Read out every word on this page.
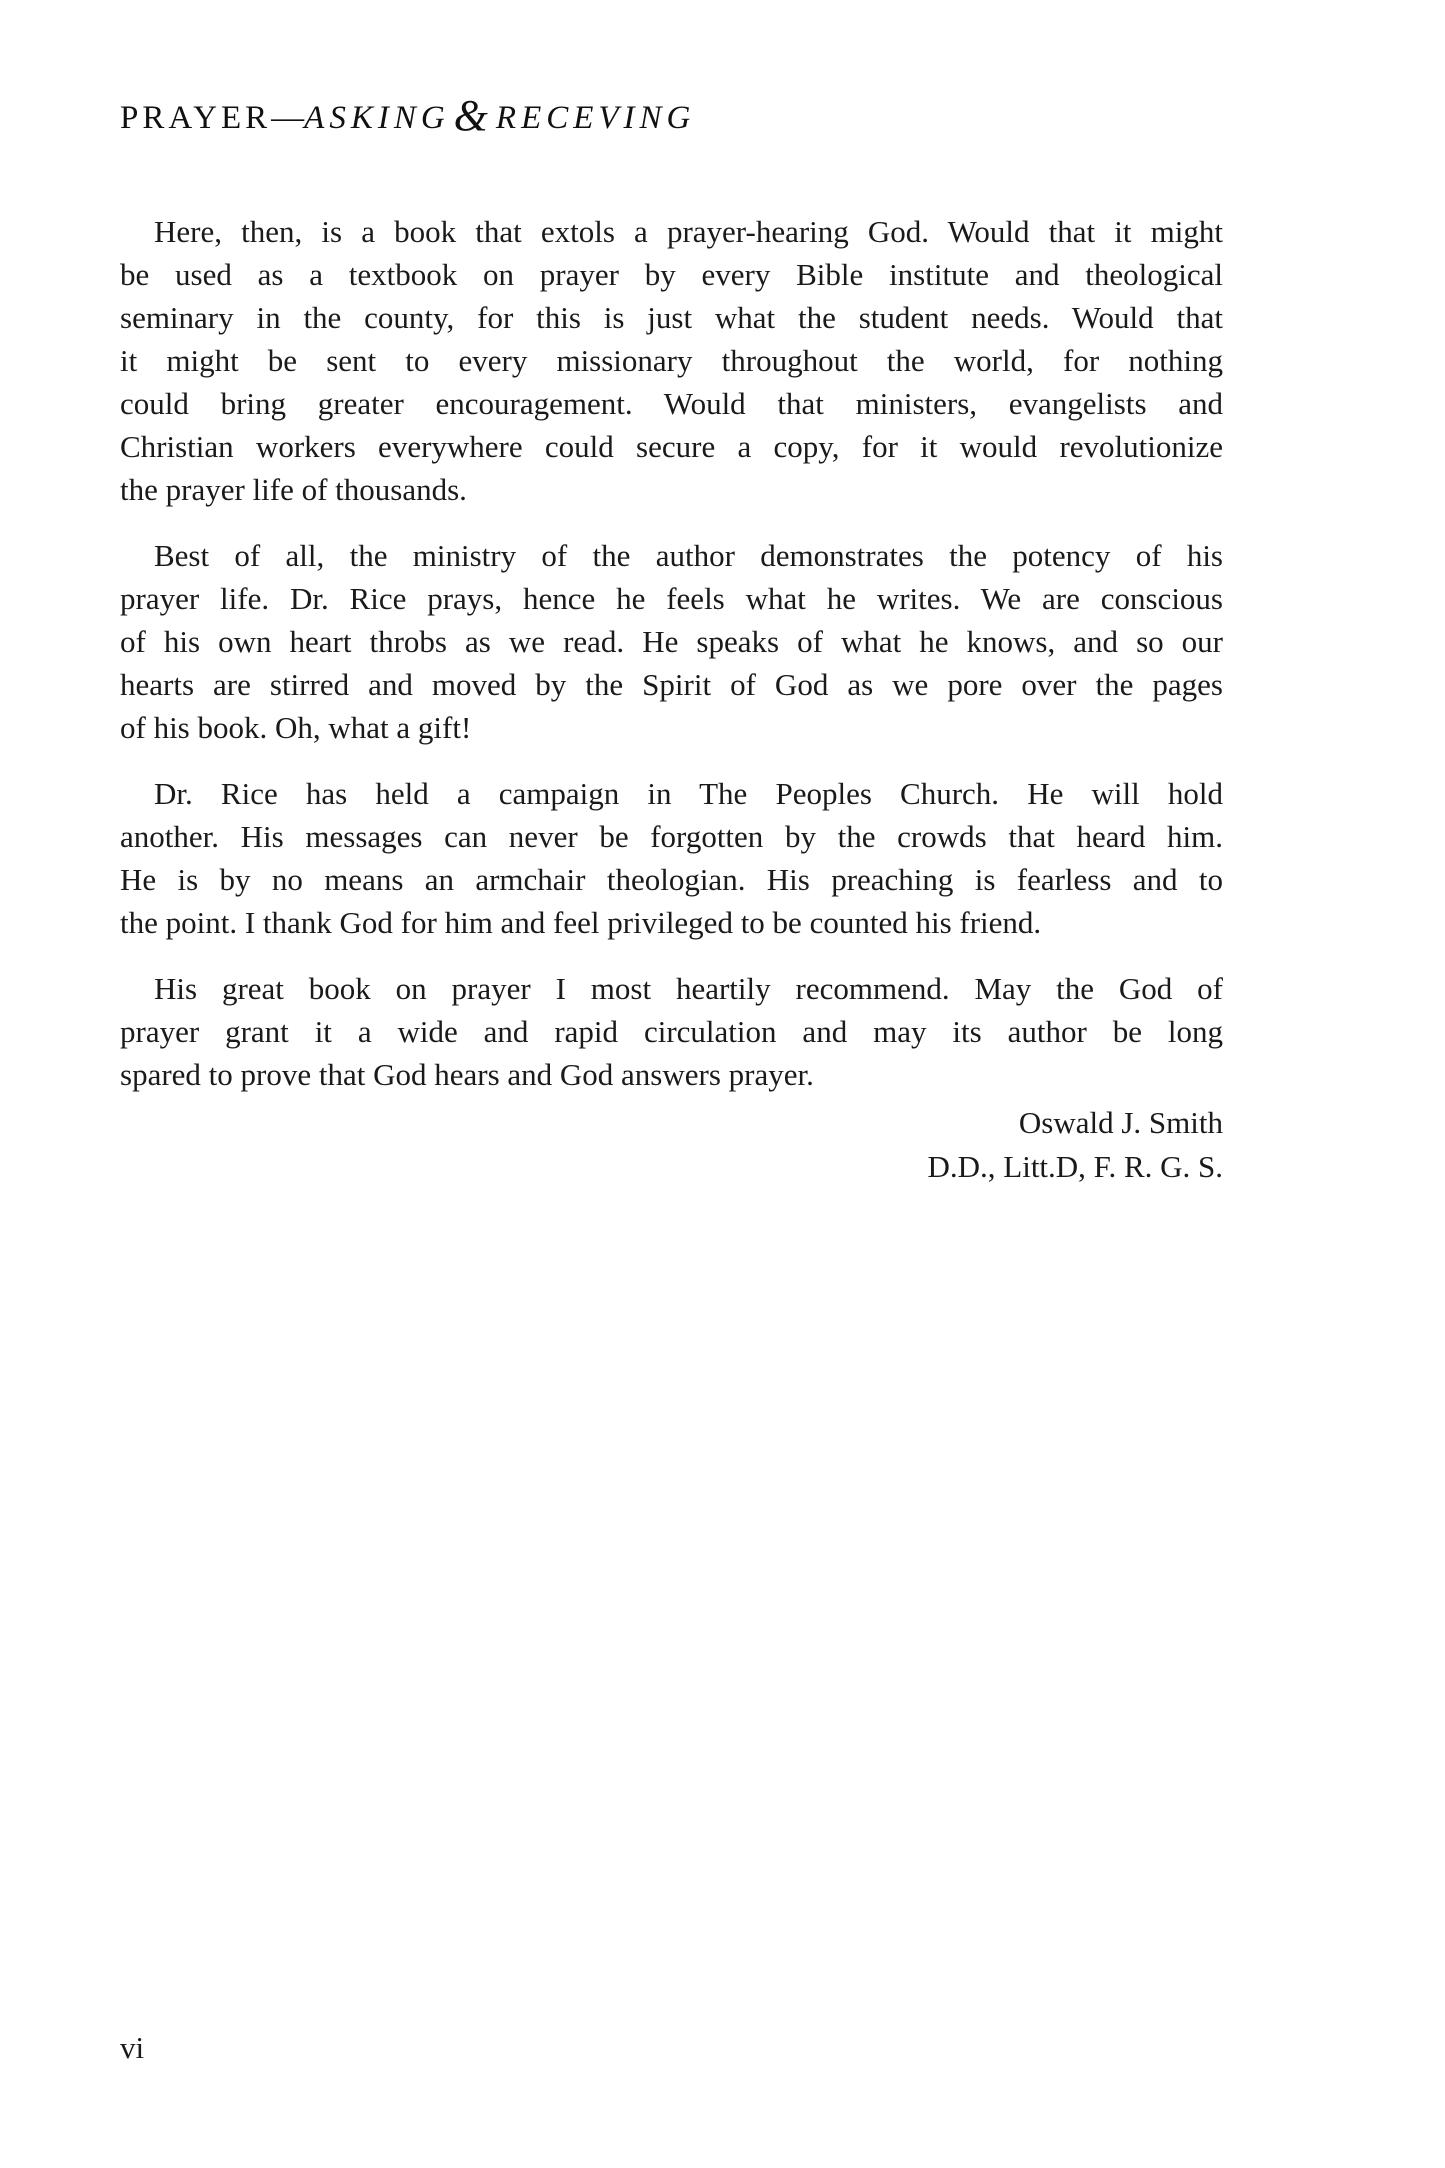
PRAYER—ASKING& RECEVING
Here, then, is a book that extols a prayer-hearing God. Would that it might
be used as a textbook on prayer by every Bible institute and theological
seminary in the county, for this is just what the student needs. Would that
it might be sent to every missionary throughout the world, for nothing
could bring greater encouragement. Would that ministers, evangelists and
Christian workers everywhere could secure a copy, for it would revolutionize
the prayer life of thousands.
Best of all, the ministry of the author demonstrates the potency of his
prayer life. Dr. Rice prays, hence he feels what he writes. We are conscious
of his own heart throbs as we read. He speaks of what he knows, and so our
hearts are stirred and moved by the Spirit of God as we pore over the pages
of his book. Oh, what a gift!
Dr. Rice has held a campaign in The Peoples Church. He will hold
another. His messages can never be forgotten by the crowds that heard him.
He is by no means an armchair theologian. His preaching is fearless and to
the point. I thank God for him and feel privileged to be counted his friend.
His great book on prayer I most heartily recommend. May the God of
prayer grant it a wide and rapid circulation and may its author be long
spared to prove that God hears and God answers prayer.
Oswald J. Smith
D.D., Litt.D, F. R. G. S.
vi
